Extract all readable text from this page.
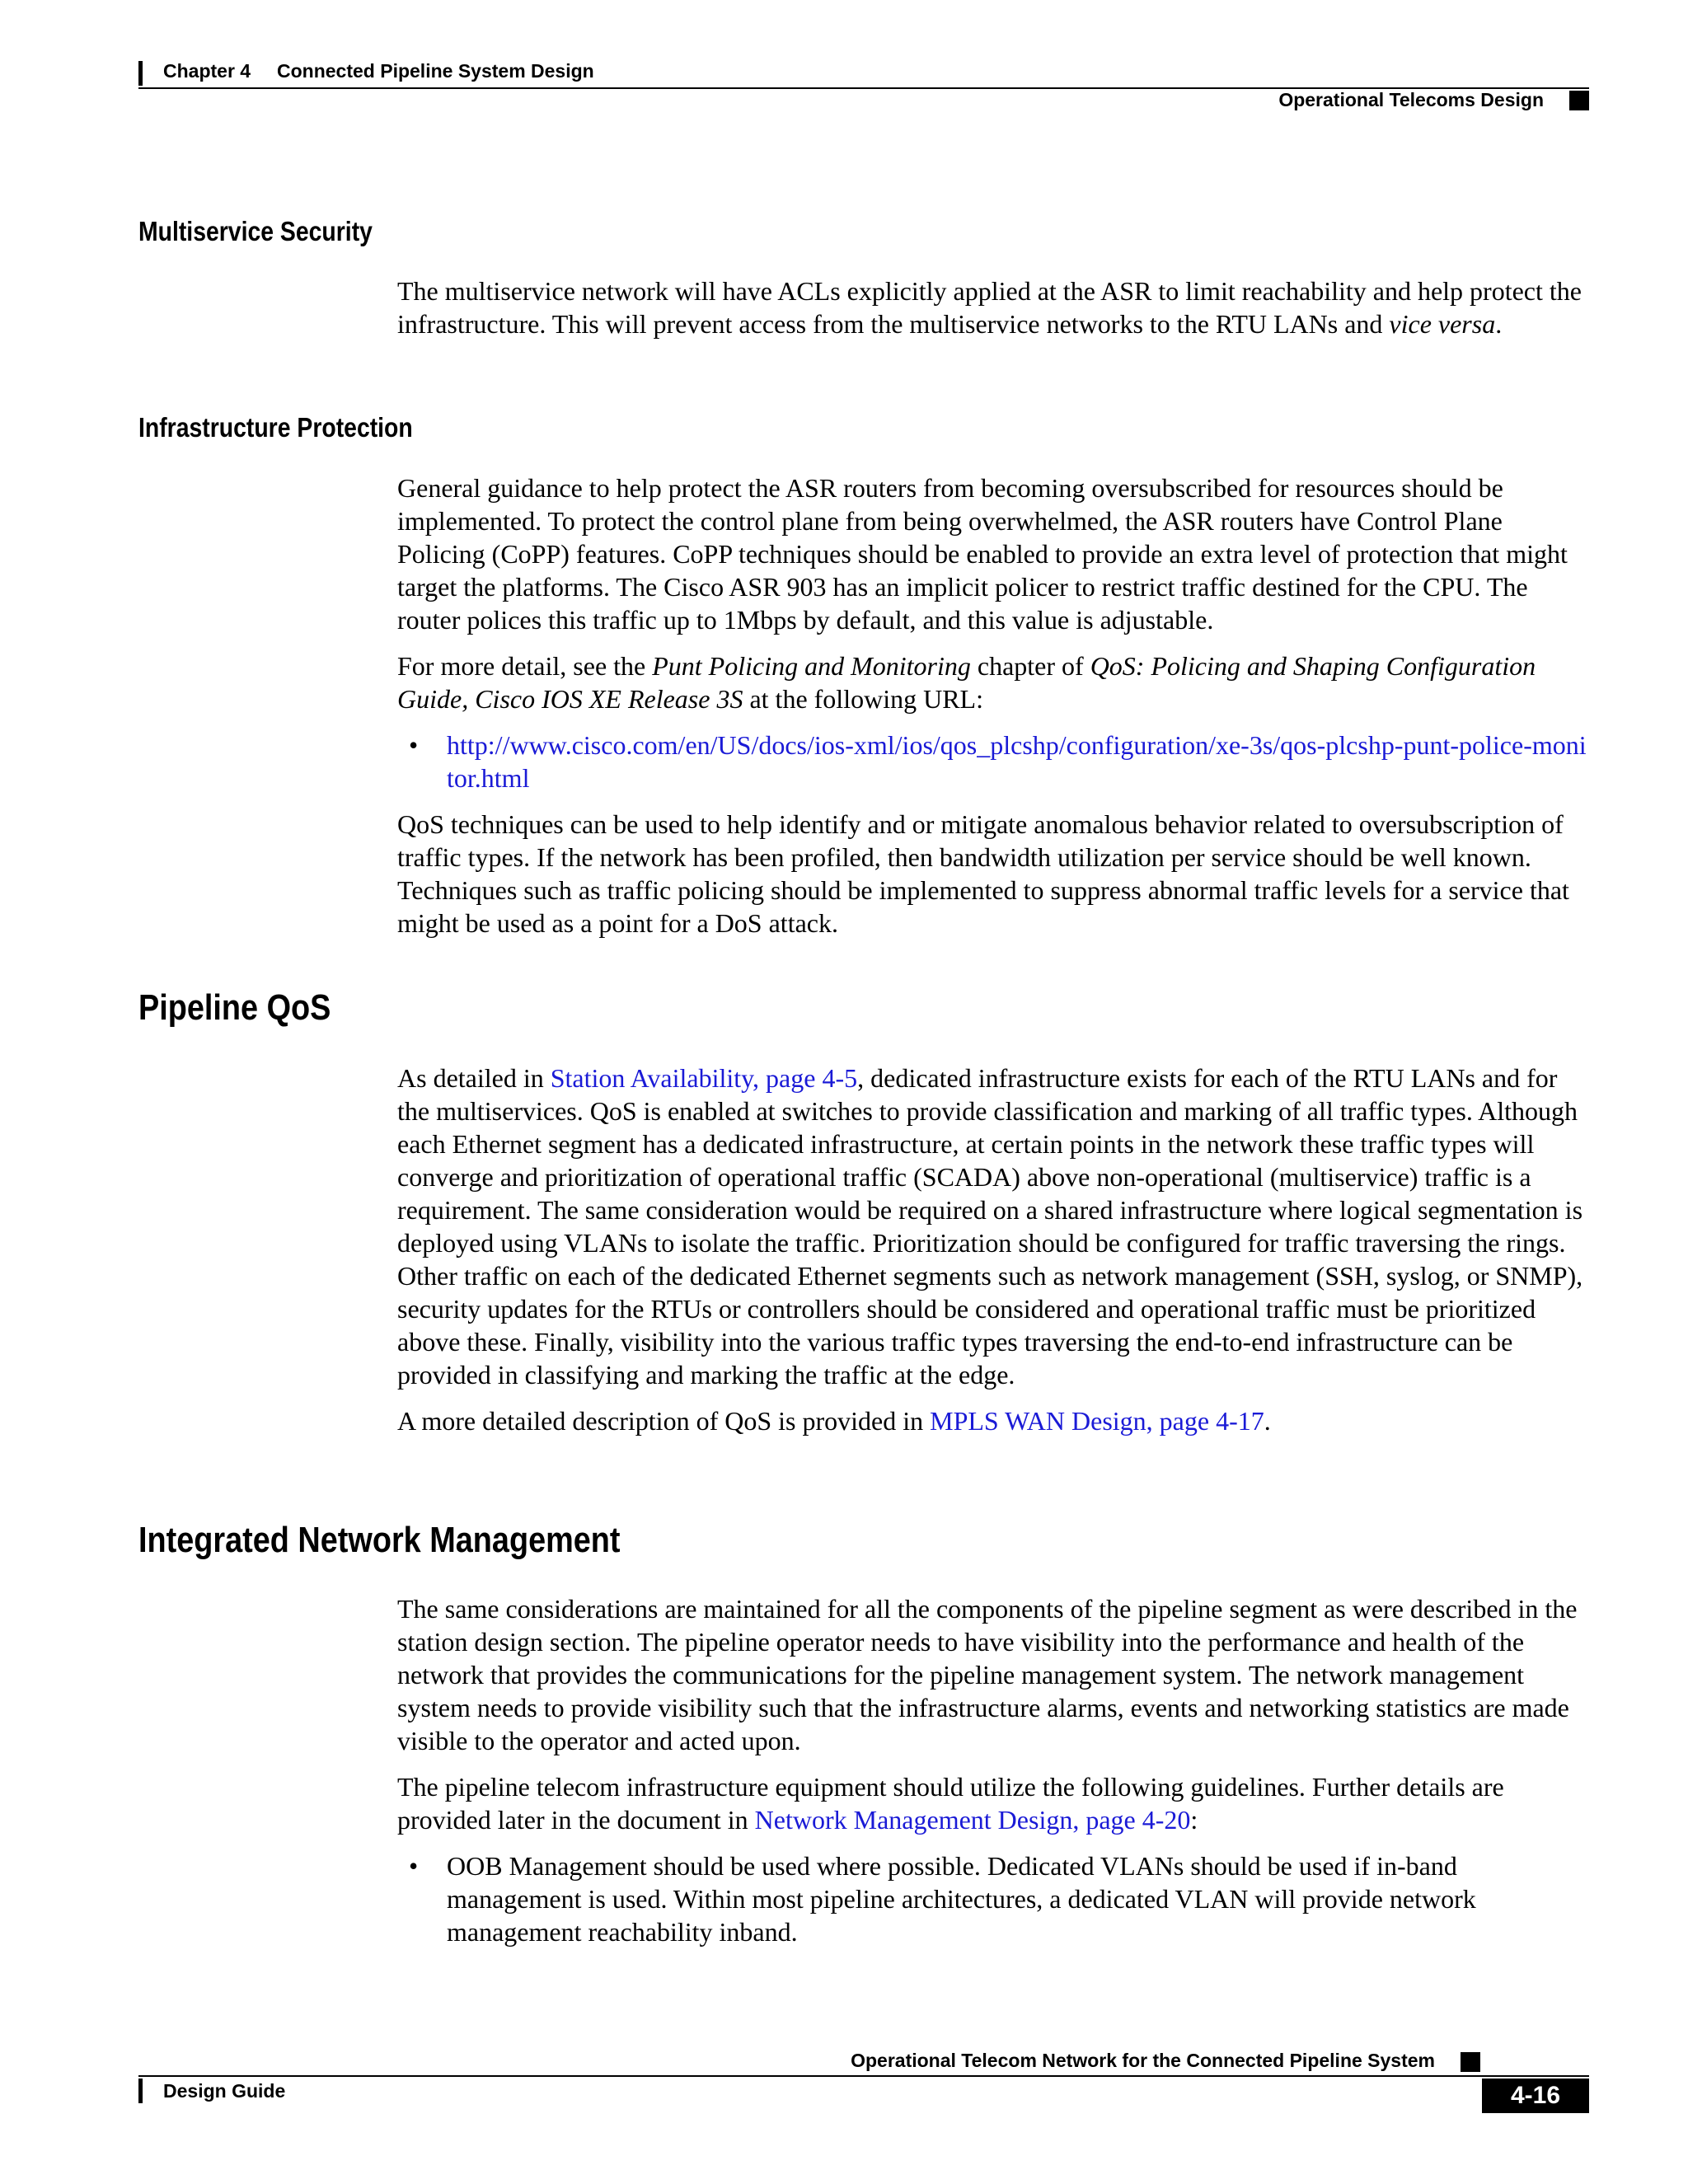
Chapter 4 Connected Pipeline System Design
Operational Telecoms Design
Multiservice Security

The multiservice network will have ACLs explicitly applied at the ASR to limit reachability and help protect the infrastructure. This will prevent access from the multiservice networks to the RTU LANs and vice versa.

Infrastructure Protection

General guidance to help protect the ASR routers from becoming oversubscribed for resources should be implemented. To protect the control plane from being overwhelmed, the ASR routers have Control Plane Policing (CoPP) features. CoPP techniques should be enabled to provide an extra level of protection that might target the platforms. The Cisco ASR 903 has an implicit policer to restrict traffic destined for the CPU. The router polices this traffic up to 1Mbps by default, and this value is adjustable.

For more detail, see the Punt Policing and Monitoring chapter of QoS: Policing and Shaping Configuration Guide, Cisco IOS XE Release 3S at the following URL:

• http://www.cisco.com/en/US/docs/ios-xml/ios/qos_plcshp/configuration/xe-3s/qos-plcshp-punt-police-monitor.html

QoS techniques can be used to help identify and or mitigate anomalous behavior related to oversubscription of traffic types. If the network has been profiled, then bandwidth utilization per service should be well known. Techniques such as traffic policing should be implemented to suppress abnormal traffic levels for a service that might be used as a point for a DoS attack.

Pipeline QoS

As detailed in Station Availability, page 4-5, dedicated infrastructure exists for each of the RTU LANs and for the multiservices. QoS is enabled at switches to provide classification and marking of all traffic types. Although each Ethernet segment has a dedicated infrastructure, at certain points in the network these traffic types will converge and prioritization of operational traffic (SCADA) above non-operational (multiservice) traffic is a requirement. The same consideration would be required on a shared infrastructure where logical segmentation is deployed using VLANs to isolate the traffic. Prioritization should be configured for traffic traversing the rings. Other traffic on each of the dedicated Ethernet segments such as network management (SSH, syslog, or SNMP), security updates for the RTUs or controllers should be considered and operational traffic must be prioritized above these. Finally, visibility into the various traffic types traversing the end-to-end infrastructure can be provided in classifying and marking the traffic at the edge.

A more detailed description of QoS is provided in MPLS WAN Design, page 4-17.

Integrated Network Management

The same considerations are maintained for all the components of the pipeline segment as were described in the station design section. The pipeline operator needs to have visibility into the performance and health of the network that provides the communications for the pipeline management system. The network management system needs to provide visibility such that the infrastructure alarms, events and networking statistics are made visible to the operator and acted upon.

The pipeline telecom infrastructure equipment should utilize the following guidelines. Further details are provided later in the document in Network Management Design, page 4-20:

• OOB Management should be used where possible. Dedicated VLANs should be used if in-band management is used. Within most pipeline architectures, a dedicated VLAN will provide network management reachability inband.
Operational Telecom Network for the Connected Pipeline System
Design Guide	4-16
